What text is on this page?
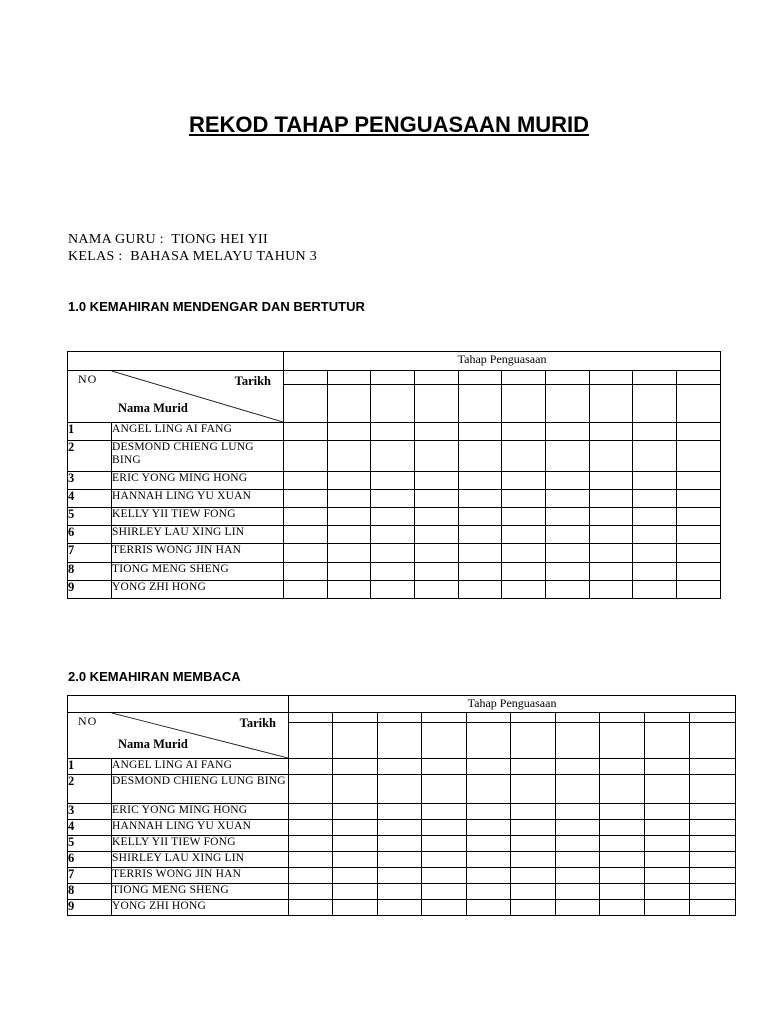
REKOD TAHAP PENGUASAAN MURID
NAMA GURU : TIONG HEI YII
KELAS : BAHASA MELAYU TAHUN 3
1.0 KEMAHIRAN MENDENGAR DAN BERTUTUR
		Tahap Penguasaan									

NO Tarikh
Nama Murid											

1	ANGEL LING AI FANG										
2	DESMOND CHIENG LUNG BING										
3	ERIC YONG MING HONG										
4	HANNAH LING YU XUAN										
5	KELLY YII TIEW FONG										
6	SHIRLEY LAU XING LIN										
7	TERRIS WONG JIN HAN										
8	TIONG MENG SHENG										
9	YONG ZHI HONG										
2.0 KEMAHIRAN MEMBACA
		Tahap Penguasaan									

NO Tarikh
Nama Murid											

1	ANGEL LING AI FANG										
2	DESMOND CHIENG LUNG BING										
3	ERIC YONG MING HONG										
4	HANNAH LING YU XUAN										
5	KELLY YII TIEW FONG										
6	SHIRLEY LAU XING LIN										
7	TERRIS WONG JIN HAN										
8	TIONG MENG SHENG										
9	YONG ZHI HONG										
